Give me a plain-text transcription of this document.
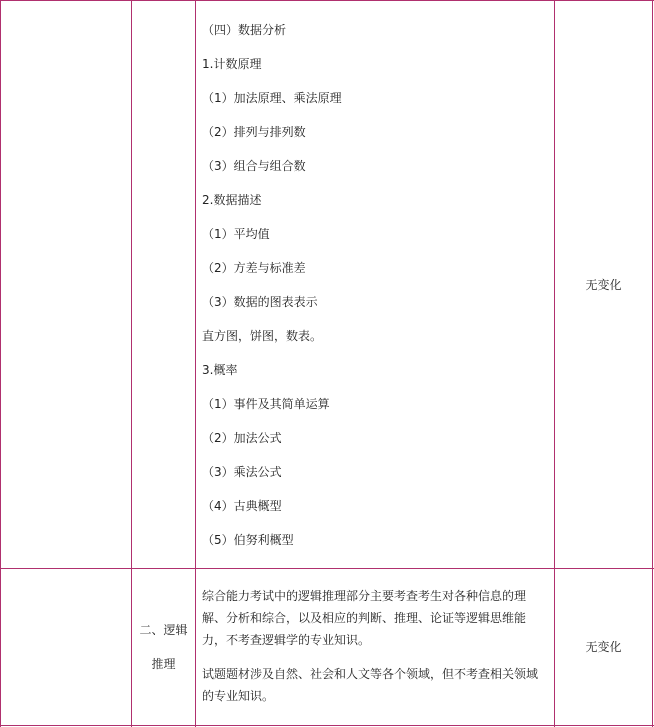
（四）数据分析
1.计数原理
（1）加法原理、乘法原理
（2）排列与排列数
（3）组合与组合数
2.数据描述
（1）平均值
（2）方差与标准差
（3）数据的图表表示
直方图，饼图，数表。
3.概率
（1）事件及其简单运算
（2）加法公式
（3）乘法公式
（4）古典概型
（5）伯努利概型
无变化
二、逻辑
推理
综合能力考试中的逻辑推理部分主要考查考生对各种信息的理解、分析和综合，以及相应的判断、推理、论证等逻辑思维能力，不考查逻辑学的专业知识。
试题题材涉及自然、社会和人文等各个领域，但不考查相关领域的专业知识。
无变化
